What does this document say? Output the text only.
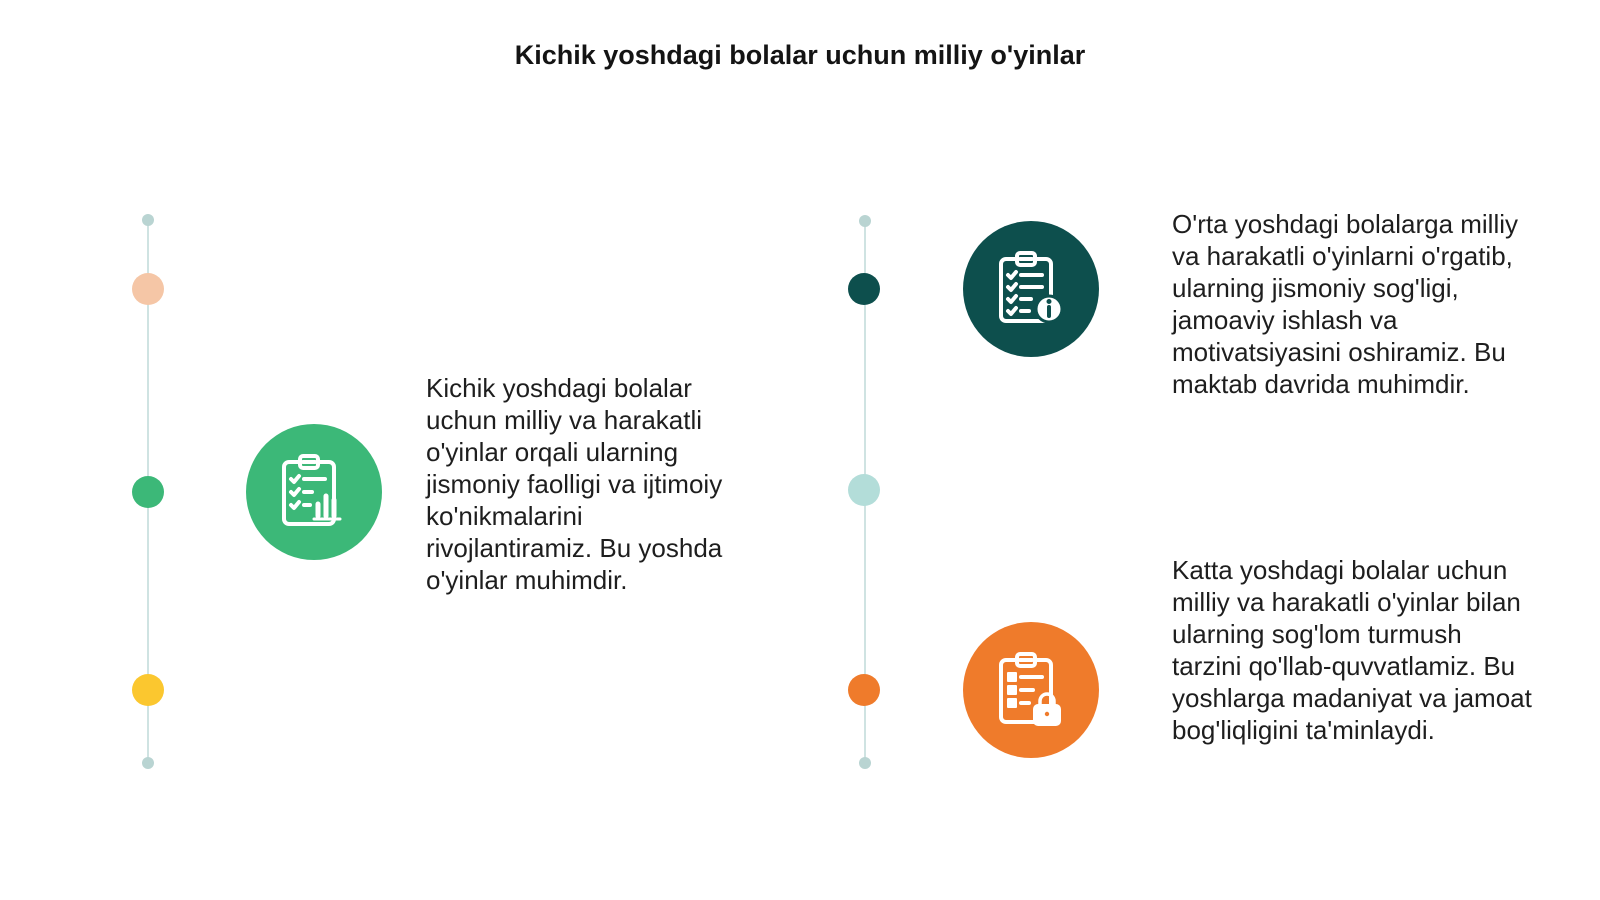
Kichik yoshdagi bolalar uchun milliy o'yinlar
Kichik yoshdagi bolalar uchun milliy va harakatli o'yinlar orqali ularning jismoniy faolligi va ijtimoiy ko'nikmalarini rivojlantiramiz. Bu yoshda o'yinlar muhimdir.
O'rta yoshdagi bolalarga milliy va harakatli o'yinlarni o'rgatib, ularning jismoniy sog'ligi, jamoaviy ishlash va motivatsiyasini oshiramiz. Bu maktab davrida muhimdir.
Katta yoshdagi bolalar uchun milliy va harakatli o'yinlar bilan ularning sog'lom turmush tarzini qo'llab-quvvatlamiz. Bu yoshlarga madaniyat va jamoat bog'liqligini ta'minlaydi.
